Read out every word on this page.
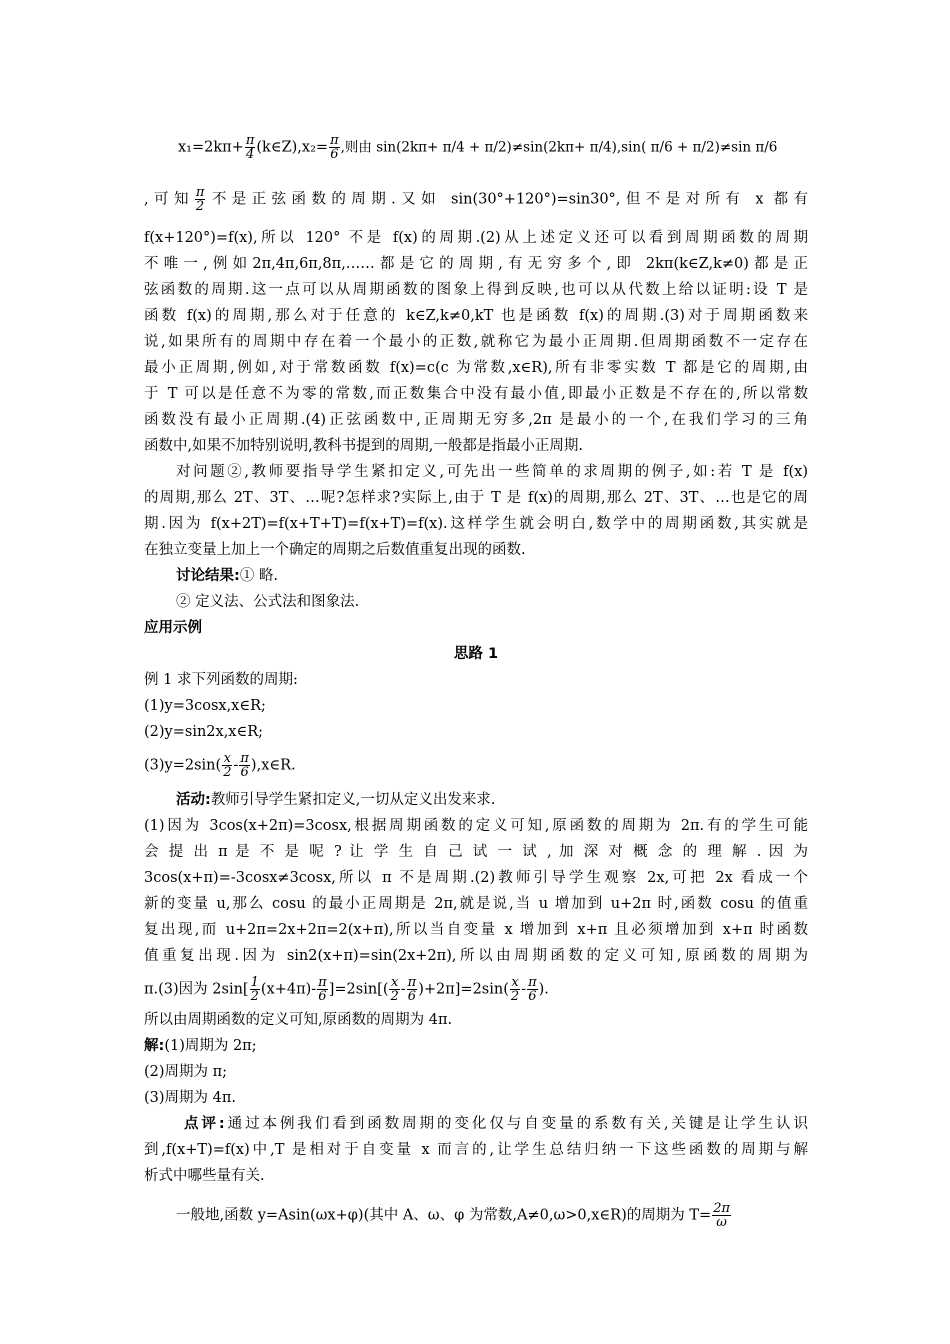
$x_1=2k\pi+ \frac{\pi}{4}$ (k∈Z),x₂= $\frac{\pi}{6}$ ,则由 sin(2kπ+ π/4 + π/2)≠sin(2kπ+ π/4),sin( π/6 + π/2)≠sin π/6
,可知 $\frac{\pi}{2}$ 不是正弦函数的周期.又如 sin(30°+120°)=sin30°,但不是对所有 x 都有
f(x+120°)=f(x),所以 120° 不是 f(x)的周期.(2)从上述定义还可以看到周期函数的周期
不唯一,例如2π,4π,6π,8π,……都是它的周期,有无穷多个,即 2kπ(k∈Z,k≠0)都是正
弦函数的周期.这一点可以从周期函数的图象上得到反映,也可以从代数上给以证明:设 T 是
函数 f(x)的周期,那么对于任意的 k∈Z,k≠0,kT 也是函数 f(x)的周期.(3)对于周期函数来
说,如果所有的周期中存在着一个最小的正数,就称它为最小正周期.但周期函数不一定存在
最小正周期,例如,对于常数函数 f(x)=c(c 为常数,x∈R),所有非零实数 T 都是它的周期,由
于 T 可以是任意不为零的常数,而正数集合中没有最小值,即最小正数是不存在的,所以常数
函数没有最小正周期.(4)正弦函数中,正周期无穷多,2π 是最小的一个,在我们学习的三角
函数中,如果不加特别说明,教科书提到的周期,一般都是指最小正周期.
对问题②,教师要指导学生紧扣定义,可先出一些简单的求周期的例子,如:若 T 是 f(x)
的周期,那么 2T、3T、…呢?怎样求?实际上,由于 T 是 f(x)的周期,那么 2T、3T、…也是它的周
期.因为 f(x+2T)=f(x+T+T)=f(x+T)=f(x).这样学生就会明白,数学中的周期函数,其实就是
在独立变量上加上一个确定的周期之后数值重复出现的函数.
讨论结果:① 略.
② 定义法、公式法和图象法.
应用示例
思路 1
例 1 求下列函数的周期:
(1)y=3cosx,x∈R;
(2)y=sin2x,x∈R;
$(3)y=2\sin( \frac{x}{2} - \frac{\pi}{6}$ ),x∈R.
活动:教师引导学生紧扣定义,一切从定义出发来求.
(1)因为 3cos(x+2π)=3cosx,根据周期函数的定义可知,原函数的周期为 2π.有的学生可能
会 提 出 π 是 不 是 呢 ? 让 学 生 自 己 试 一 试 , 加 深 对 概 念 的 理 解 . 因 为
3cos(x+π)=-3cosx≠3cosx,所以 π 不是周期.(2)教师引导学生观察 2x,可把 2x 看成一个
新的变量 u,那么 cosu 的最小正周期是 2π,就是说,当 u 增加到 u+2π 时,函数 cosu 的值重
复出现,而 u+2π=2x+2π=2(x+π),所以当自变量 x 增加到 x+π 且必须增加到 x+π 时函数
值重复出现.因为 sin2(x+π)=sin(2x+2π),所以由周期函数的定义可知,原函数的周期为
π.(3)因为 $2\sin[ \frac{1}{2} (x+4\pi)- \frac{\pi}{6} ]=2\sin[( \frac{x}{2} - \frac{\pi}{6} )+2\pi]=2\sin( \frac{x}{2} - \frac{\pi}{6}$ ).
所以由周期函数的定义可知,原函数的周期为 4π.
解:(1)周期为 2π;
(2)周期为 π;
(3)周期为 4π.
点评:通过本例我们看到函数周期的变化仅与自变量的系数有关,关键是让学生认识
到,f(x+T)=f(x)中,T 是相对于自变量 x 而言的,让学生总结归纳一下这些函数的周期与解
析式中哪些量有关.
一般地,函数 y=Asin(ωx+φ)(其中 A、ω、φ 为常数,A≠0,ω>0,x∈R)的周期为 $T= \frac{2\pi}{\omega}$
